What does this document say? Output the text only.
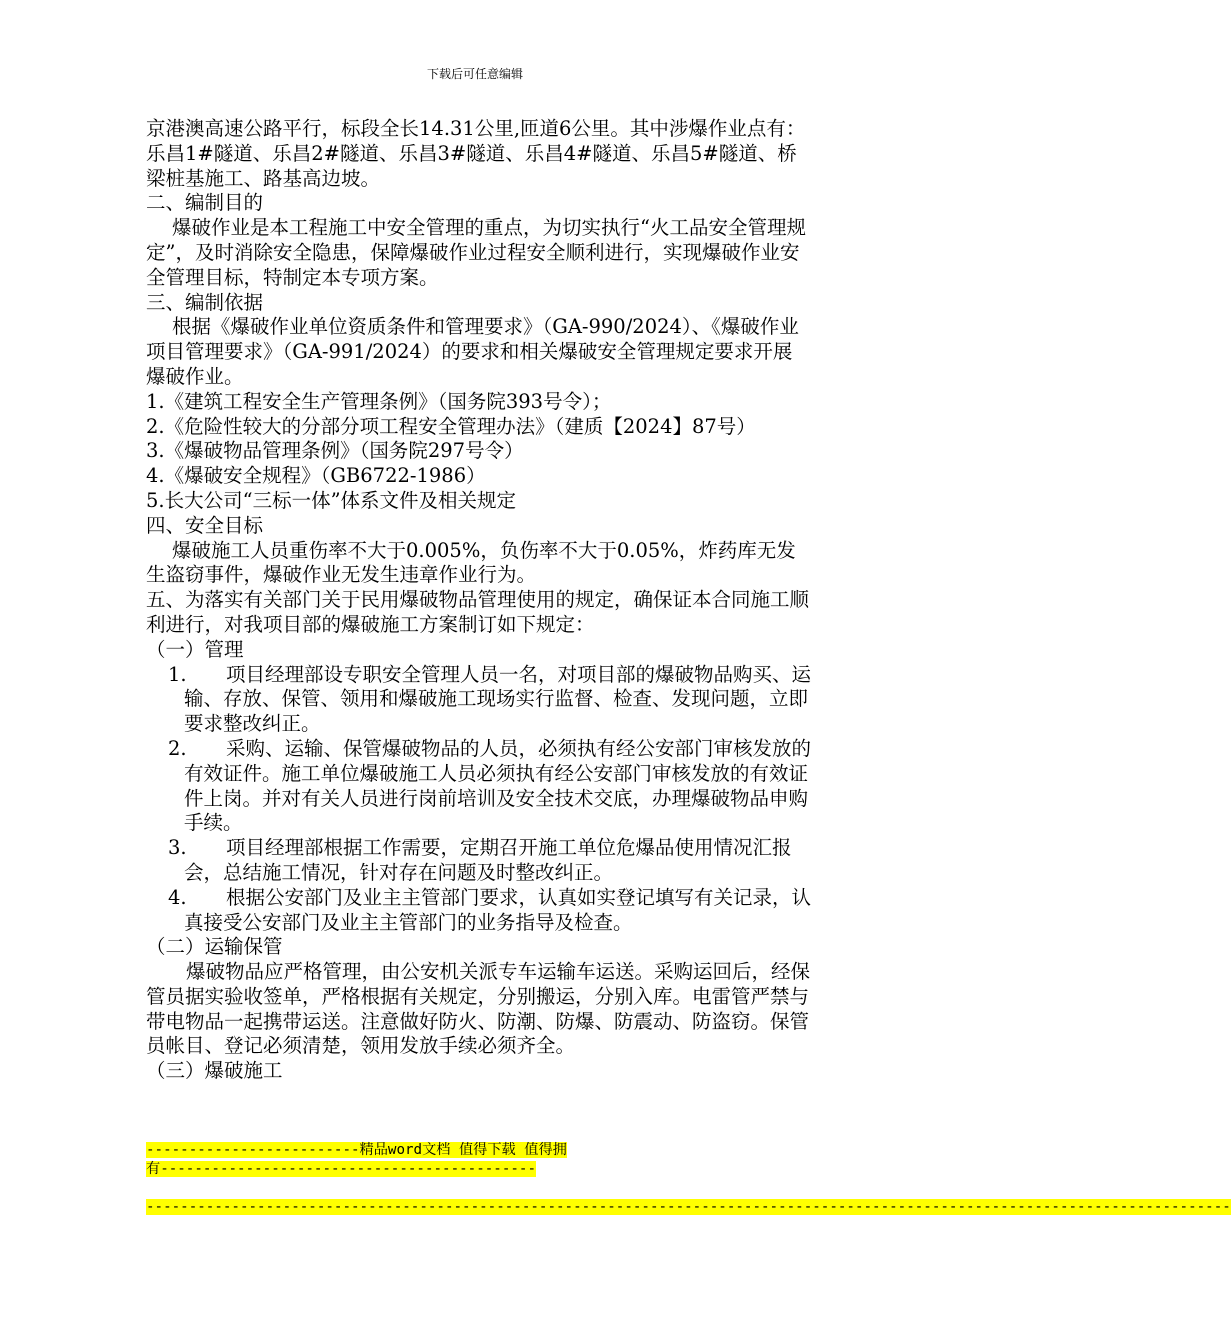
下载后可任意编辑

京港澳高速公路平行，标段全长14.31公里,匝道6公里。其中涉爆作业点有：乐昌1#隧道、乐昌2#隧道、乐昌3#隧道、乐昌4#隧道、乐昌5#隧道、桥梁桩基施工、路基高边坡。

二、编制目的

爆破作业是本工程施工中安全管理的重点，为切实执行“火工品安全管理规定”，及时消除安全隐患，保障爆破作业过程安全顺利进行，实现爆破作业安全管理目标，特制定本专项方案。

三、编制依据

根据《爆破作业单位资质条件和管理要求》（GA-990/2024）、《爆破作业项目管理要求》（GA-991/2024）的要求和相关爆破安全管理规定要求开展爆破作业。

1.《建筑工程安全生产管理条例》（国务院393号令）；

2.《危险性较大的分部分项工程安全管理办法》（建质【2024】87号）

3.《爆破物品管理条例》（国务院297号令）

4.《爆破安全规程》（GB6722-1986）

5.长大公司“三标一体”体系文件及相关规定

四、安全目标

爆破施工人员重伤率不大于0.005%，负伤率不大于0.05%，炸药库无发生盗窃事件，爆破作业无发生违章作业行为。

五、为落实有关部门关于民用爆破物品管理使用的规定，确保证本合同施工顺利进行，对我项目部的爆破施工方案制订如下规定：

（一）管理

1.	项目经理部设专职安全管理人员一名，对项目部的爆破物品购买、运输、存放、保管、领用和爆破施工现场实行监督、检查、发现问题，立即要求整改纠正。
2.	采购、运输、保管爆破物品的人员，必须执有经公安部门审核发放的有效证件。施工单位爆破施工人员必须执有经公安部门审核发放的有效证件上岗。并对有关人员进行岗前培训及安全技术交底，办理爆破物品申购手续。
3.	项目经理部根据工作需要，定期召开施工单位危爆品使用情况汇报会，总结施工情况，针对存在问题及时整改纠正。
4.	根据公安部门及业主主管部门要求，认真如实登记填写有关记录，认真接受公安部门及业主主管部门的业务指导及检查。

（二）运输保管

爆破物品应严格管理，由公安机关派专车运输车运送。采购运回后，经保管员据实验收签单，严格根据有关规定，分别搬运，分别入库。电雷管严禁与带电物品一起携带运送。注意做好防火、防潮、防爆、防震动、防盗窃。保管员帐目、登记必须清楚，领用发放手续必须齐全。

（三）爆破施工

-------------------------精品word文档 值得下载 值得拥
有--------------------------------------------
-------------------------------------------------------------------------------------------------------------------------------
